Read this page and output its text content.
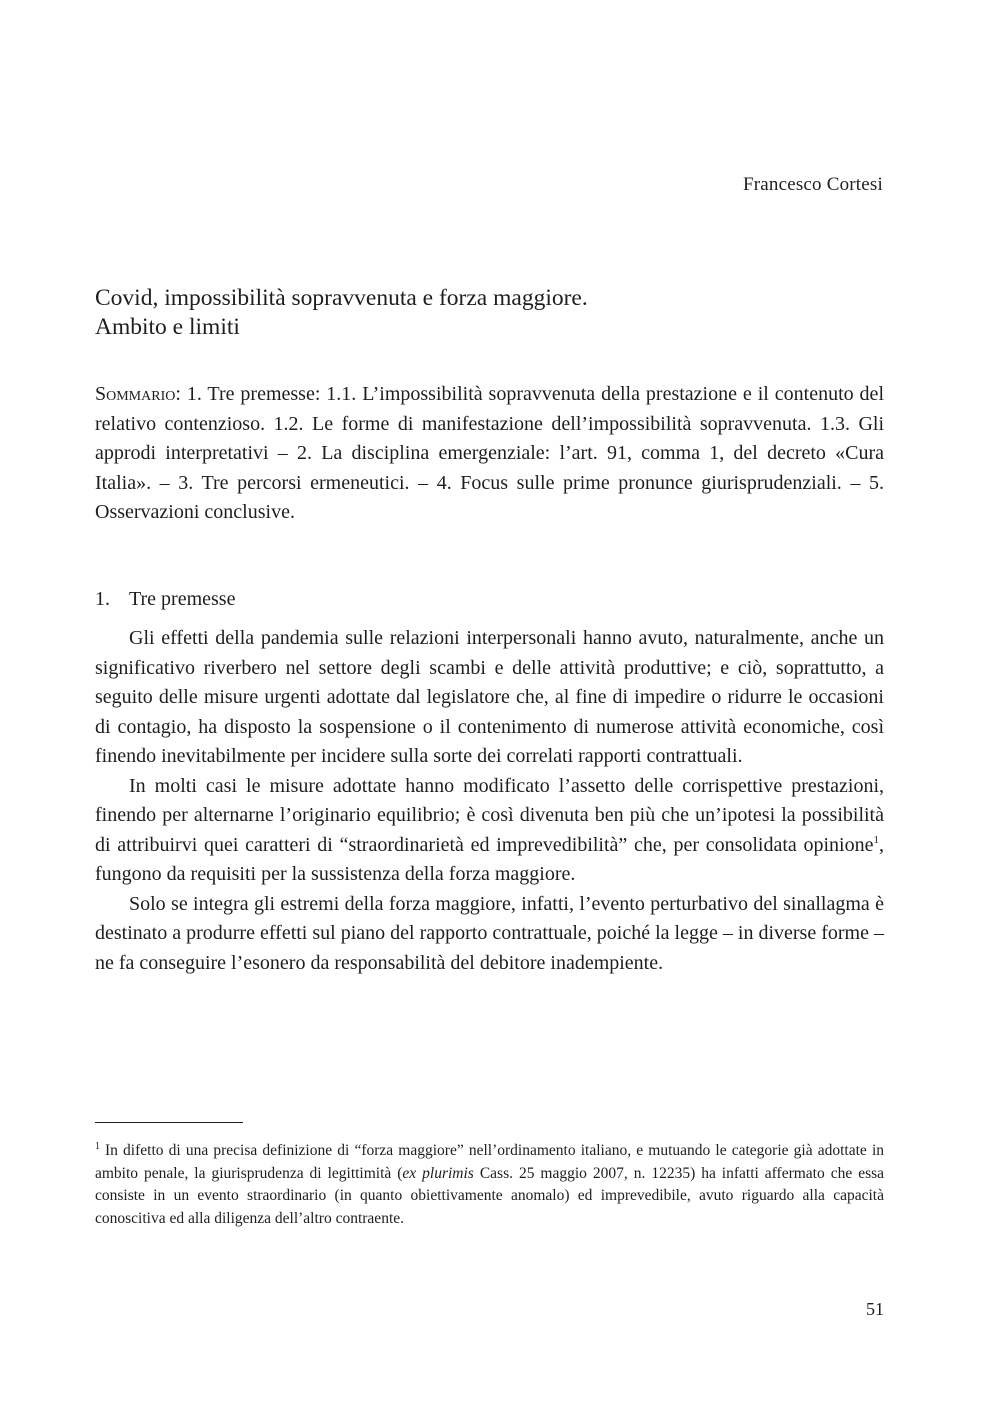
Francesco Cortesi
Covid, impossibilità sopravvenuta e forza maggiore.
Ambito e limiti

Sommario: 1. Tre premesse: 1.1. L’impossibilità sopravvenuta della prestazione e il contenuto del relativo contenzioso. 1.2. Le forme di manifestazione dell’impossibilità sopravvenuta. 1.3. Gli approdi interpretativi – 2. La disciplina emergenziale: l’art. 91, comma 1, del decreto «Cura Italia». – 3. Tre percorsi ermeneutici. – 4. Focus sulle prime pronunce giurisprudenziali. – 5. Osservazioni conclusive.

1. Tre premesse

Gli effetti della pandemia sulle relazioni interpersonali hanno avuto, naturalmente, anche un significativo riverbero nel settore degli scambi e delle attività produttive; e ciò, soprattutto, a seguito delle misure urgenti adottate dal legislatore che, al fine di impedire o ridurre le occasioni di contagio, ha disposto la sospensione o il contenimento di numerose attività economiche, così finendo inevitabilmente per incidere sulla sorte dei correlati rapporti contrattuali.

In molti casi le misure adottate hanno modificato l’assetto delle corrispettive prestazioni, finendo per alternarne l’originario equilibrio; è così divenuta ben più che un’ipotesi la possibilità di attribuirvi quei caratteri di “straordinarietà ed imprevedibilità” che, per consolidata opinione$^1$, fungono da requisiti per la sussistenza della forza maggiore.

Solo se integra gli estremi della forza maggiore, infatti, l’evento perturbativo del sinallagma è destinato a produrre effetti sul piano del rapporto contrattuale, poiché la legge – in diverse forme – ne fa conseguire l’esonero da responsabilità del debitore inadempiente.

$^1$ In difetto di una precisa definizione di “forza maggiore” nell’ordinamento italiano, e mutuando le categorie già adottate in ambito penale, la giurisprudenza di legittimità (ex plurimis Cass. 25 maggio 2007, n. 12235) ha infatti affermato che essa consiste in un evento straordinario (in quanto obiettivamente anomalo) ed imprevedibile, avuto riguardo alla capacità conoscitiva ed alla diligenza dell’altro contraente.

51
